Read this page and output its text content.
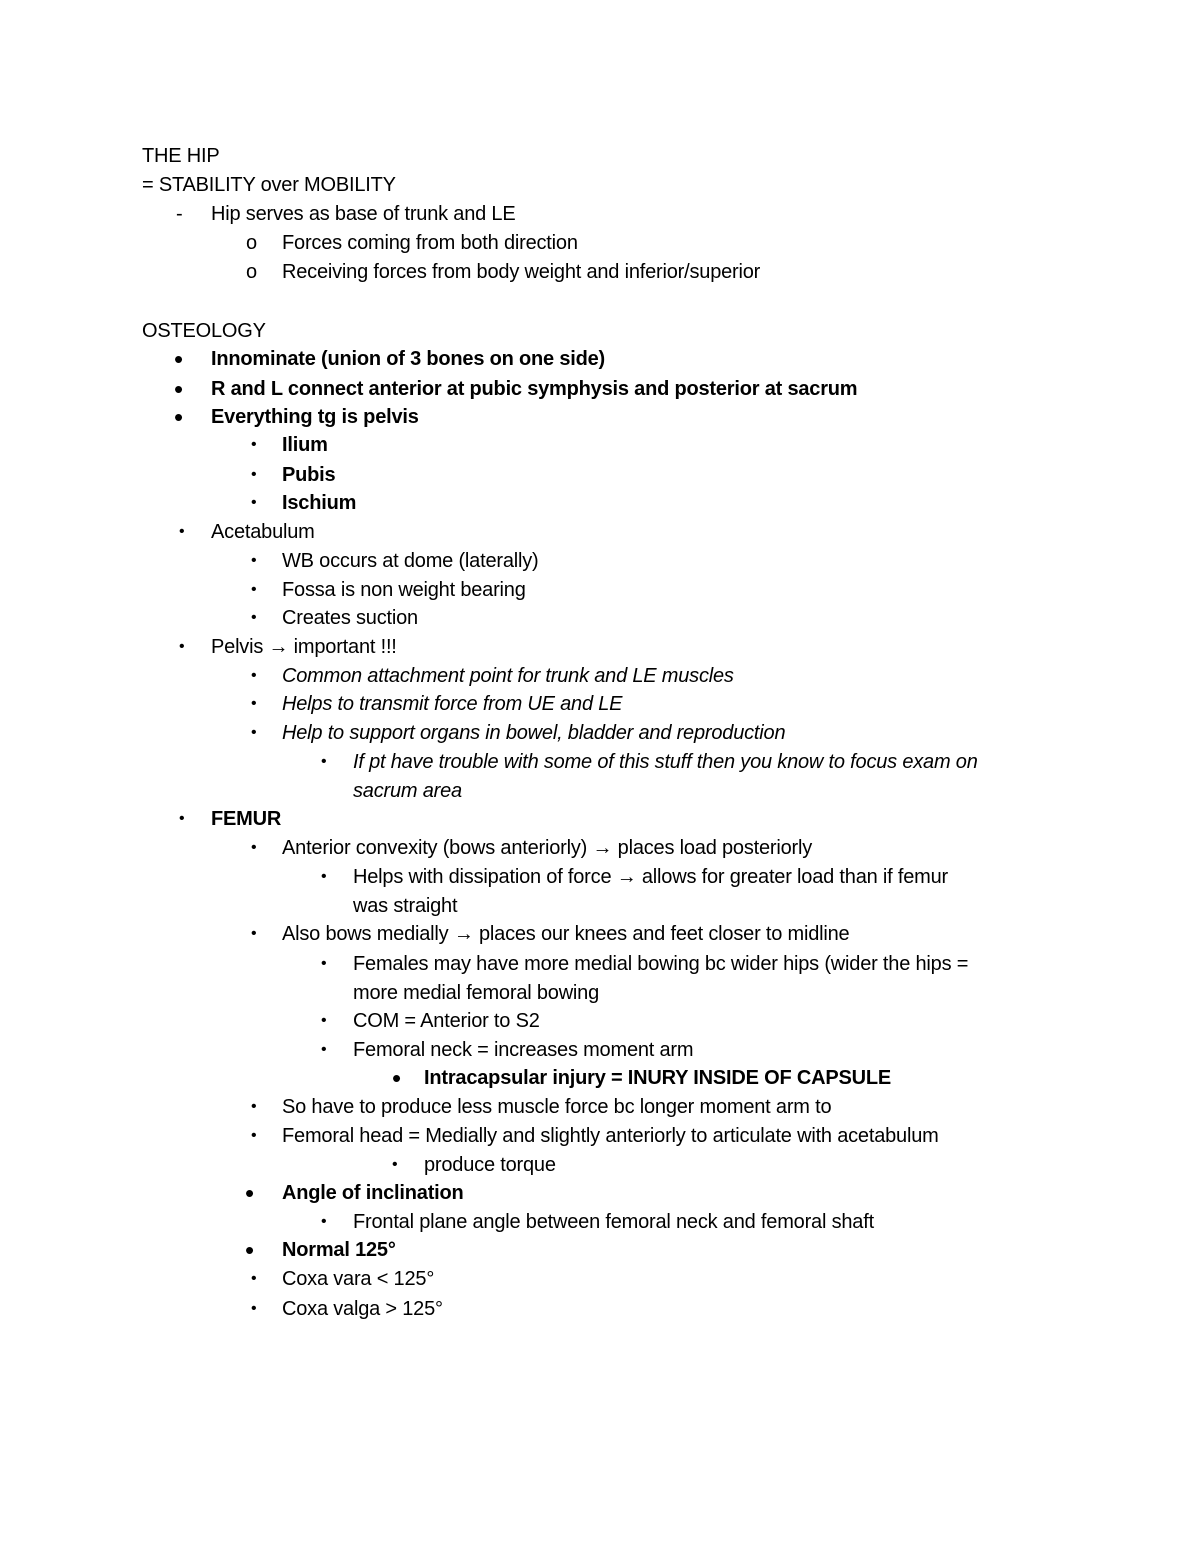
THE HIP
= STABILITY over MOBILITY
- Hip serves as base of trunk and LE
o Forces coming from both direction
o Receiving forces from body weight and inferior/superior
OSTEOLOGY
• Innominate (union of 3 bones on one side)
• R and L connect anterior at pubic symphysis and posterior at sacrum
• Everything tg is pelvis
• Ilium
• Pubis
• Ischium
• Acetabulum
• WB occurs at dome (laterally)
• Fossa is non weight bearing
• Creates suction
• Pelvis → important !!!
• Common attachment point for trunk and LE muscles
• Helps to transmit force from UE and LE
• Help to support organs in bowel, bladder and reproduction
• If pt have trouble with some of this stuff then you know to focus exam on
sacrum area
• FEMUR
• Anterior convexity (bows anteriorly) → places load posteriorly
• Helps with dissipation of force → allows for greater load than if femur
was straight
• Also bows medially → places our knees and feet closer to midline
• Females may have more medial bowing bc wider hips (wider the hips =
more medial femoral bowing
• COM = Anterior to S2
• Femoral neck = increases moment arm
• Intracapsular injury = INURY INSIDE OF CAPSULE
• So have to produce less muscle force bc longer moment arm to
• Femoral head = Medially and slightly anteriorly to articulate with acetabulum
• produce torque
• Angle of inclination
• Frontal plane angle between femoral neck and femoral shaft
• Normal 125°
• Coxa vara < 125°
• Coxa valga > 125°
